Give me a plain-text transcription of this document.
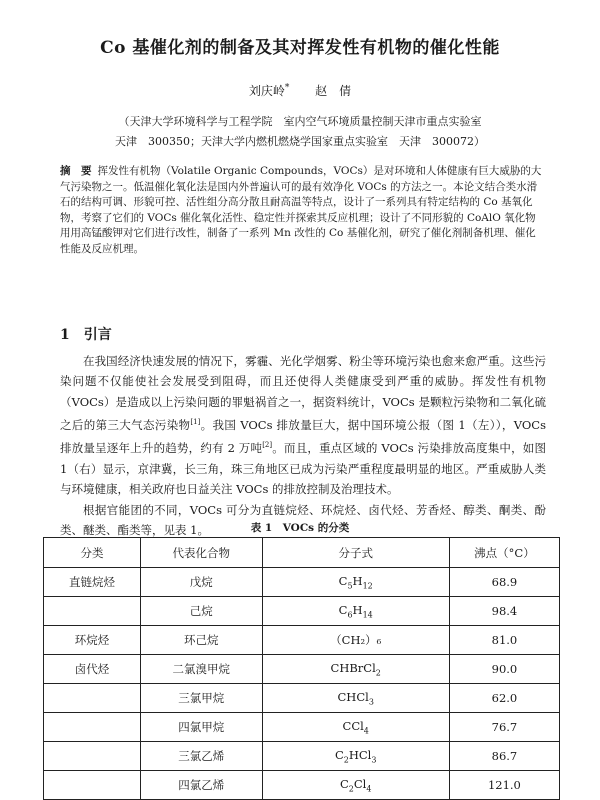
Co 基催化剂的制备及其对挥发性有机物的催化性能
刘庆岭* 赵　倩
（天津大学环境科学与工程学院　室内空气环境质量控制天津市重点实验室
天津　300350；天津大学内燃机燃烧学国家重点实验室　天津　300072）
摘　要 挥发性有机物（Volatile Organic Compounds，VOCs）是对环境和人体健康有巨大威胁的大气污染物之一。低温催化氧化法是国内外普遍认可的最有效净化 VOCs 的方法之一。本论文结合类水滑石的结构可调、形貌可控、活性组分高分散且耐高温等特点，设计了一系列具有特定结构的 Co 基氧化物，考察了它们的 VOCs 催化氧化活性、稳定性并探索其反应机理；设计了不同形貌的 CoAlO 氧化物用用高锰酸钾对它们进行改性，制备了一系列 Mn 改性的 Co 基催化剂，研究了催化剂制备机理、催化性能及反应机理。
1 引言

在我国经济快速发展的情况下，雾霾、光化学烟雾、粉尘等环境污染也愈来愈严重。这些污染问题不仅能使社会发展受到阻碍，而且还使得人类健康受到严重的威胁。挥发性有机物（VOCs）是造成以上污染问题的罪魁祸首之一，据资料统计，VOCs 是颗粒污染物和二氧化硫之后的第三大气态污染物[1]。我国 VOCs 排放量巨大，据中国环境公报（图 1（左）），VOCs 排放量呈逐年上升的趋势，约有 2 万吨[2]。而且，重点区域的 VOCs 污染排放高度集中，如图 1（右）显示，京津冀，长三角，珠三角地区已成为污染严重程度最明显的地区。严重威胁人类与环境健康，相关政府也日益关注 VOCs 的排放控制及治理技术。

根据官能团的不同，VOCs 可分为直链烷烃、环烷烃、卤代烃、芳香烃、醇类、酮类、酚类、醚类、酯类等，见表 1。	表 1　VOCs 的分类
分类	代表化合物	分子式	沸点（°C）
直链烷烃	戊烷	$C_5H_{12}$	68.9
	己烷	$C_6H_{14}$	98.4
环烷烃	环己烷	（CH₂）₆	81.0
卤代烃	二氯溴甲烷	CHBrCl$_2$	90.0
	三氯甲烷	CHCl$_3$	62.0
	四氯甲烷	CCl$_4$	76.7
	三氯乙烯	$C_2HCl_3$	86.7
	四氯乙烯	$C_2Cl_4$	121.0
